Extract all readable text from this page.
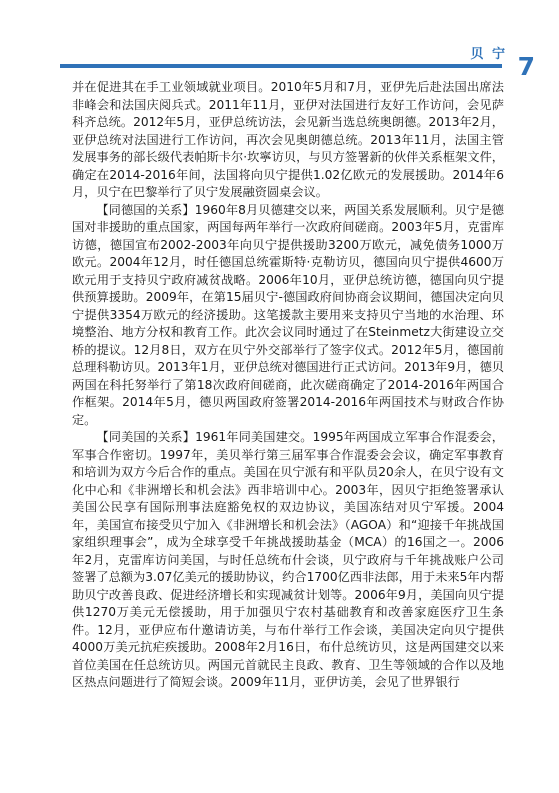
贝 宁 7

并在促进其在手工业领域就业项目。2010年5月和7月，亚伊先后赴法国出席法非峰会和法国庆阅兵式。2011年11月，亚伊对法国进行友好工作访问，会见萨科齐总统。2012年5月，亚伊总统访法，会见新当选总统奥朗德。2013年2月，亚伊总统对法国进行工作访问，再次会见奥朗德总统。2013年11月，法国主管发展事务的部长级代表帕斯卡尔·坎寧访贝，与贝方签署新的伙伴关系框架文件，确定在2014-2016年间，法国将向贝宁提供1.02亿欧元的发展援助。2014年6月，贝宁在巴黎举行了贝宁发展融资圆桌会议。

【同德国的关系】1960年8月贝德建交以来，两国关系发展顺利。贝宁是德国对非援助的重点国家，两国每两年举行一次政府间磋商。2003年5月，克雷库访德，德国宣布2002-2003年向贝宁提供援助3200万欧元，减免债务1000万欧元。2004年12月，时任德国总统霍斯特·克勒访贝，德国向贝宁提供4600万欧元用于支持贝宁政府减贫战略。2006年10月，亚伊总统访德，德国向贝宁提供预算援助。2009年，在第15届贝宁-德国政府间协商会议期间，德国决定向贝宁提供3354万欧元的经济援助。这笔援款主要用来支持贝宁当地的水治理、环境整治、地方分权和教育工作。此次会议同时通过了在Steinmetz大街建设立交桥的提议。12月8日，双方在贝宁外交部举行了签字仪式。2012年5月，德国前总理科勒访贝。2013年1月，亚伊总统对德国进行正式访问。2013年9月，德贝两国在科托努举行了第18次政府间磋商，此次磋商确定了2014-2016年两国合作框架。2014年5月，德贝两国政府签署2014-2016年两国技术与财政合作协定。

【同美国的关系】1961年同美国建交。1995年两国成立军事合作混委会，军事合作密切。1997年，美贝举行第三届军事合作混委会会议，确定军事教育和培训为双方今后合作的重点。美国在贝宁派有和平队员20余人，在贝宁设有文化中心和《非洲增长和机会法》西非培训中心。2003年，因贝宁拒绝签署承认美国公民享有国际刑事法庭豁免权的双边协议，美国冻结对贝宁军援。2004年，美国宣布接受贝宁加入《非洲增长和机会法》（AGOA）和“迎接千年挑战国家组织理事会”，成为全球享受千年挑战援助基金（MCA）的16国之一。2006年2月，克雷库访问美国，与时任总统布什会谈，贝宁政府与千年挑战账户公司签署了总额为3.07亿美元的援助协议，约合1700亿西非法郎，用于未来5年内帮助贝宁改善良政、促进经济增长和实现减贫计划等。2006年9月，美国向贝宁提供1270万美元无偿援助，用于加强贝宁农村基础教育和改善家庭医疗卫生条件。12月，亚伊应布什邀请访美，与布什举行工作会谈，美国决定向贝宁提供4000万美元抗疟疾援助。2008年2月16日，布什总统访贝，这是两国建交以来首位美国在任总统访贝。两国元首就民主良政、教育、卫生等领域的合作以及地区热点问题进行了简短会谈。2009年11月，亚伊访美，会见了世界银行
